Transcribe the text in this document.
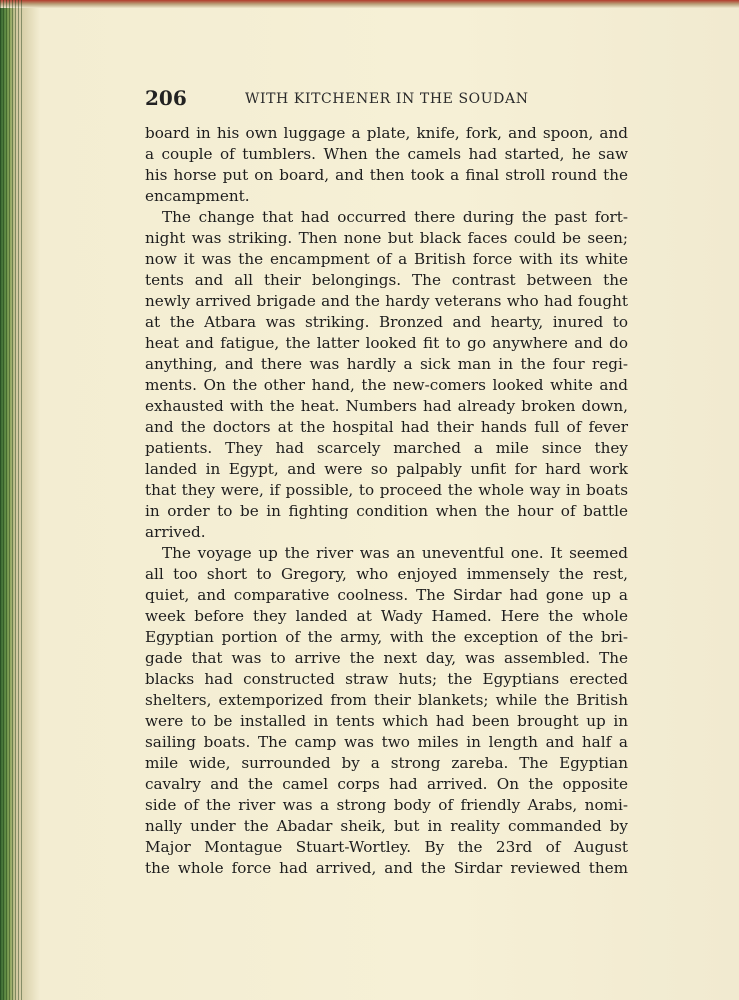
206	WITH KITCHENER IN THE SOUDAN
board in his own luggage a plate, knife, fork, and spoon, and
a couple of tumblers. When the camels had started, he saw
his horse put on board, and then took a final stroll round the
encampment.
The change that had occurred there during the past fort-
night was striking. Then none but black faces could be seen;
now it was the encampment of a British force with its white
tents and all their belongings. The contrast between the
newly arrived brigade and the hardy veterans who had fought
at the Atbara was striking. Bronzed and hearty, inured to
heat and fatigue, the latter looked fit to go anywhere and do
anything, and there was hardly a sick man in the four regi-
ments. On the other hand, the new-comers looked white and
exhausted with the heat. Numbers had already broken down,
and the doctors at the hospital had their hands full of fever
patients. They had scarcely marched a mile since they
landed in Egypt, and were so palpably unfit for hard work
that they were, if possible, to proceed the whole way in boats
in order to be in fighting condition when the hour of battle
arrived.
The voyage up the river was an uneventful one. It seemed
all too short to Gregory, who enjoyed immensely the rest,
quiet, and comparative coolness. The Sirdar had gone up a
week before they landed at Wady Hamed. Here the whole
Egyptian portion of the army, with the exception of the bri-
gade that was to arrive the next day, was assembled. The
blacks had constructed straw huts; the Egyptians erected
shelters, extemporized from their blankets; while the British
were to be installed in tents which had been brought up in
sailing boats. The camp was two miles in length and half a
mile wide, surrounded by a strong zareba. The Egyptian
cavalry and the camel corps had arrived. On the opposite
side of the river was a strong body of friendly Arabs, nomi-
nally under the Abadar sheik, but in reality commanded by
Major Montague Stuart-Wortley. By the 23rd of August
the whole force had arrived, and the Sirdar reviewed them
